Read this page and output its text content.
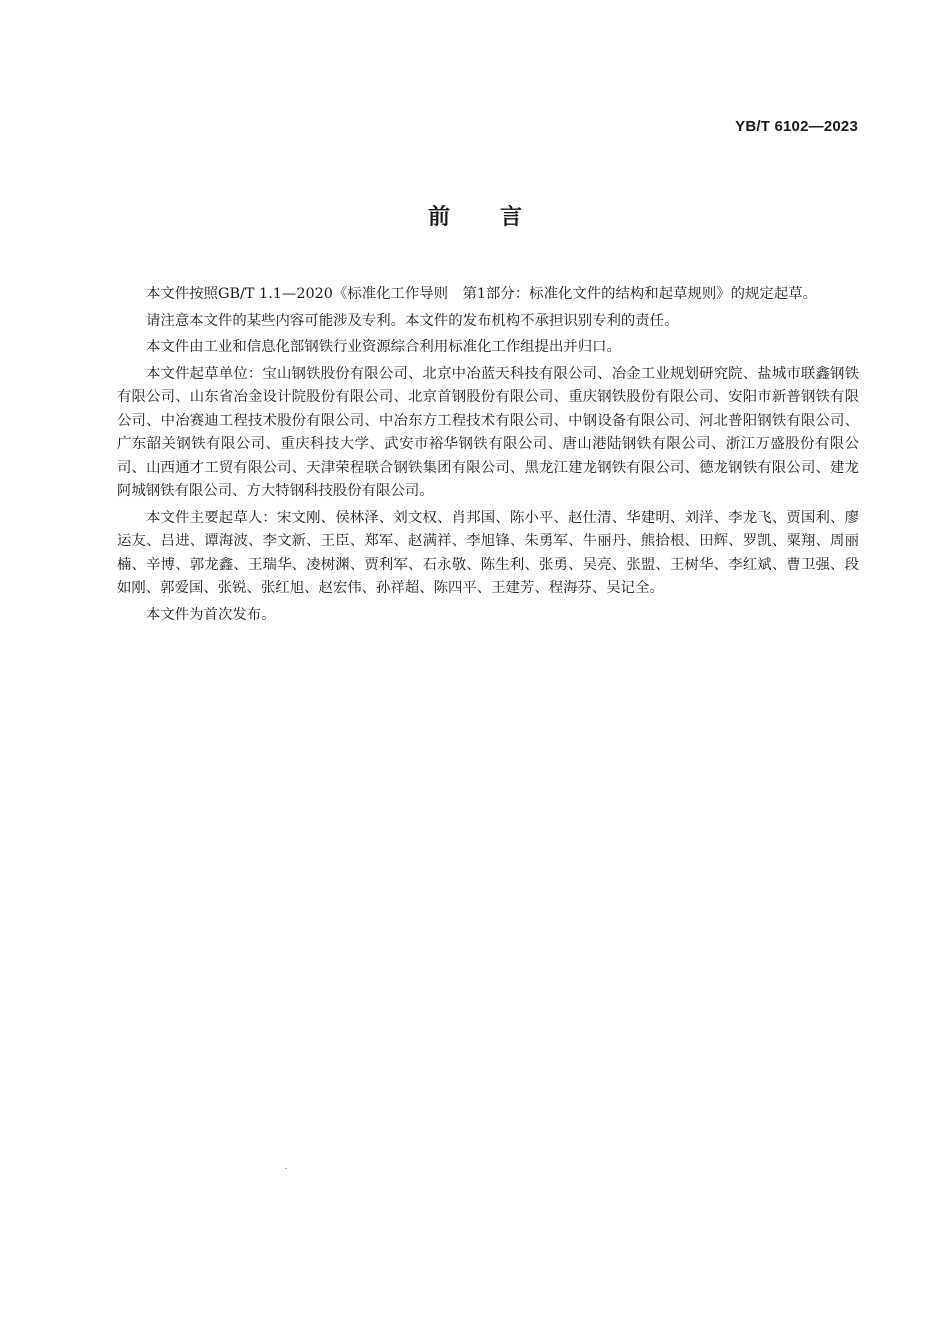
YB/T 6102—2023
前言

本文件按照GB/T 1.1—2020《标准化工作导则　第1部分：标准化文件的结构和起草规则》的规定起草。

请注意本文件的某些内容可能涉及专利。本文件的发布机构不承担识别专利的责任。

本文件由工业和信息化部钢铁行业资源综合利用标准化工作组提出并归口。

本文件起草单位：宝山钢铁股份有限公司、北京中冶蓝天科技有限公司、冶金工业规划研究院、盐城市联鑫钢铁有限公司、山东省冶金设计院股份有限公司、北京首钢股份有限公司、重庆钢铁股份有限公司、安阳市新普钢铁有限公司、中冶赛迪工程技术股份有限公司、中冶东方工程技术有限公司、中钢设备有限公司、河北普阳钢铁有限公司、广东韶关钢铁有限公司、重庆科技大学、武安市裕华钢铁有限公司、唐山港陆钢铁有限公司、浙江万盛股份有限公司、山西通才工贸有限公司、天津荣程联合钢铁集团有限公司、黑龙江建龙钢铁有限公司、德龙钢铁有限公司、建龙阿城钢铁有限公司、方大特钢科技股份有限公司。

本文件主要起草人：宋文刚、侯林泽、刘文权、肖邦国、陈小平、赵仕清、华建明、刘洋、李龙飞、贾国利、廖运友、吕进、谭海波、李文新、王臣、郑军、赵满祥、李旭锋、朱勇军、牛丽丹、熊拾根、田辉、罗凯、粟翔、周丽楠、辛博、郭龙鑫、王瑞华、凌树渊、贾利军、石永敬、陈生利、张勇、吴亮、张盟、王树华、李红斌、曹卫强、段如刚、郭爱国、张锐、张红旭、赵宏伟、孙祥超、陈四平、王建芳、程海芬、吴记全。

本文件为首次发布。
